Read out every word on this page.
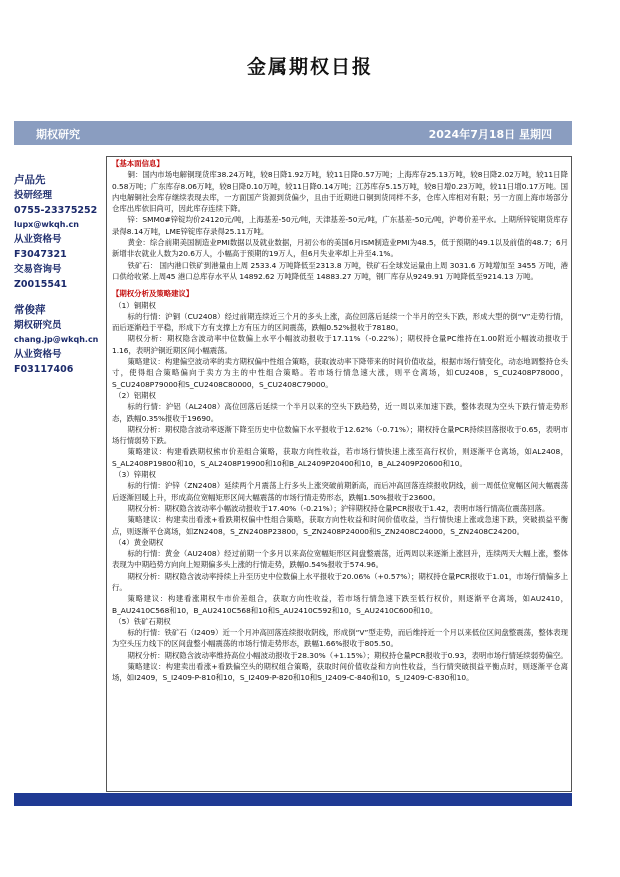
金属期权日报
期权研究	2024年7月18日 星期四
卢品先
投研经理
0755-23375252
lupx@wkqh.cn
从业资格号
F3047321
交易咨询号
Z0015541
常俊萍
期权研究员
chang.jp@wkqh.cn
从业资格号
F03117406
【基本面信息】

铜：国内市场电解铜现货库38.24万吨，较8日降1.92万吨，较11日降0.57万吨；上海库存25.13万吨，较8日降2.02万吨，较11日降0.58万吨；广东库存8.06万吨，较8日降0.10万吨，较11日降0.14万吨；江苏库存5.15万吨，较8日增0.23万吨，较11日增0.17万吨。国内电解铜社会库存继续表现去库，一方面国产货源到货偏少，且由于近期进口铜到货同样不多，仓库入库相对有限；另一方面上海市场部分仓库出库依旧尚可，因此库存连续下降。

锌：SMM0#锌锭均价24120元/吨，上海基差-50元/吨，天津基差-50元/吨，广东基差-50元/吨，沪粤价差平水。上期所锌锭期货库存录得8.14万吨，LME锌锭库存录得25.11万吨。

黄金：综合前期美国制造业PMI数据以及就业数据，月初公布的美国6月ISM制造业PMI为48.5，低于预期的49.1以及前值的48.7；6月新增非农就业人数为20.6万人，小幅高于预期的19万人，但6月失业率却上升至4.1%。

铁矿石： 国内港口铁矿到港量由上周 2533.4 万吨降低至2313.8 万吨，铁矿石全球发运量由上周 3031.6 万吨增加至 3455 万吨，港口供给收紧.上周45 港口总库存水平从 14892.62 万吨降低至 14883.27 万吨，钢厂库存从9249.91 万吨降低至9214.13 万吨。

【期权分析及策略建议】
（1）铜期权

标的行情：沪铜（CU2408）经过前期连续近三个月的多头上涨，高位回落后延续一个半月的空头下跌，形成大型的倒“V”走势行情，而后逐渐趋于平稳，形成下方有支撑上方有压力的区间震荡，跌幅0.52%报收于78180。

期权分析：期权隐含波动率中位数偏上水平小幅波动报收于17.11%（-0.22%）；期权持仓量PC维持在1.00附近小幅波动报收于1.16，表明沪铜近期区间小幅震荡。

策略建议：构建偏空波动率的卖方期权偏中性组合策略，获取波动率下降带来的时间价值收益，根据市场行情变化，动态地调整持仓头寸，使得组合策略偏向于卖方为主的中性组合策略。若市场行情急速大涨，则平仓离场，如CU2408，S_CU2408P78000，S_CU2408P79000和S_CU2408C80000，S_CU2408C79000。

（2）铝期权

标的行情：沪铝（AL2408）高位回落后延续一个半月以来的空头下跌趋势，近一周以来加速下跌，整体表现为空头下跌行情走势形态，跌幅0.35%报收于19690。

期权分析：期权隐含波动率逐渐下降至历史中位数偏下水平报收于12.62%（-0.71%）；期权持仓量PCR持续回落报收于0.65，表明市场行情弱势下跌。

策略建议：构建看跌期权熊市价差组合策略，获取方向性收益，若市场行情快速上涨至高行权价，则逐渐平仓离场，如AL2408，S_AL2408P19800和10，S_AL2408P19900和10和B_AL2409P20400和10，B_AL2409P20600和10。

（3）锌期权

标的行情：沪锌（ZN2408）延续两个月震荡上行多头上涨突破前期新高，而后冲高回落连续报收阴线，前一周低位宽幅区间大幅震荡后逐渐回暖上升，形成高位宽幅矩形区间大幅震荡的市场行情走势形态，跌幅1.50%报收于23600。

期权分析：期权隐含波动率小幅波动报收于17.40%（-0.21%）；沪锌期权持仓量PCR报收于1.42，表明市场行情高位震荡回落。

策略建议：构建卖出看涨+看跌期权偏中性组合策略，获取方向性收益和时间价值收益，当行情快速上涨或急速下跌，突破损益平衡点，则逐渐平仓离场，如ZN2408，S_ZN2408P23800，S_ZN2408P24000和S_ZN2408C24000，S_ZN2408C24200。

（4）黄金期权

标的行情：黄金（AU2408）经过前期一个多月以来高位宽幅矩形区间盘整震荡，近两周以来逐渐上涨回升，连续两天大幅上涨，整体表现为中期趋势方向向上短期偏多头上涨的行情走势，跌幅0.54%报收于574.96。

期权分析：期权隐含波动率持续上升至历史中位数偏上水平报收于20.06%（+0.57%）；期权持仓量PCR报收于1.01，市场行情偏多上行。

策略建议：构建看涨期权牛市价差组合，获取方向性收益，若市场行情急速下跌至低行权价，则逐渐平仓离场，如AU2410，B_AU2410C568和10，B_AU2410C568和10和S_AU2410C592和10，S_AU2410C600和10。

（5）铁矿石期权

标的行情：铁矿石（I2409）近一个月冲高回落连续报收阴线，形成倒“V”型走势，而后维持近一个月以来低位区间盘整震荡，整体表现为空头压力线下的区间盘整小幅震荡的市场行情走势形态，跌幅1.66%报收于805.50。

期权分析：期权隐含波动率维持高位小幅波动报收于28.30%（+1.15%）；期权持仓量PCR报收于0.93，表明市场行情延续弱势偏空。

策略建议：构建卖出看涨+看跌偏空头的期权组合策略，获取时间价值收益和方向性收益，当行情突破损益平衡点时，则逐渐平仓离场，如I2409，S_I2409-P-810和10，S_I2409-P-820和10和S_I2409-C-840和10，S_I2409-C-830和10。
